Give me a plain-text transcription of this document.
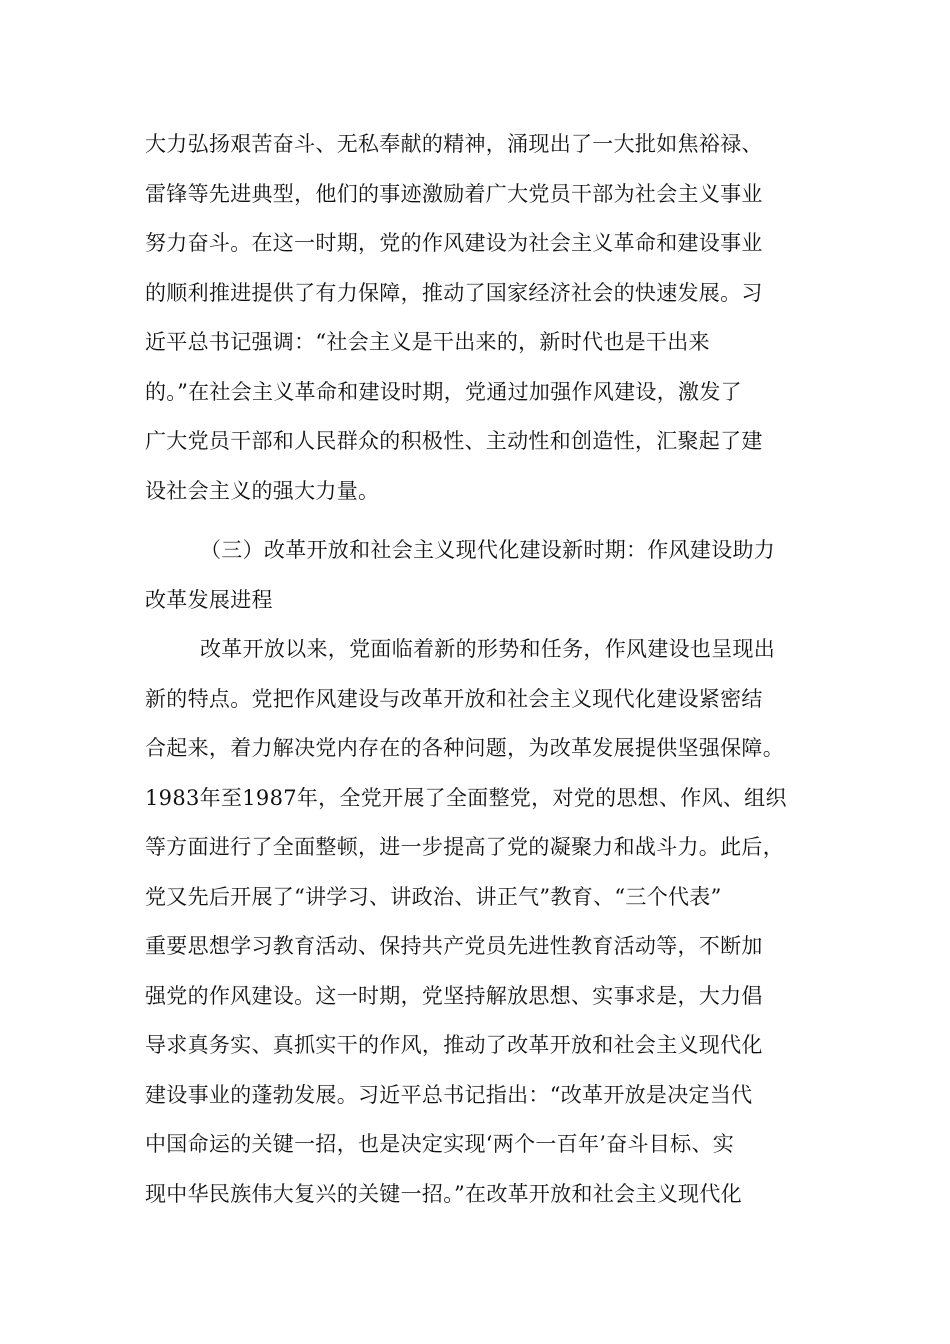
大力弘扬艰苦奋斗、无私奉献的精神，涌现出了一大批如焦裕禄、
雷锋等先进典型，他们的事迹激励着广大党员干部为社会主义事业
努力奋斗。在这一时期，党的作风建设为社会主义革命和建设事业
的顺利推进提供了有力保障，推动了国家经济社会的快速发展。习
近平总书记强调：“社会主义是干出来的，新时代也是干出来
的。”在社会主义革命和建设时期，党通过加强作风建设，激发了
广大党员干部和人民群众的积极性、主动性和创造性，汇聚起了建
设社会主义的强大力量。
（三）改革开放和社会主义现代化建设新时期：作风建设助力
改革发展进程
改革开放以来，党面临着新的形势和任务，作风建设也呈现出
新的特点。党把作风建设与改革开放和社会主义现代化建设紧密结
合起来，着力解决党内存在的各种问题，为改革发展提供坚强保障。
1983年至1987年，全党开展了全面整党，对党的思想、作风、组织
等方面进行了全面整顿，进一步提高了党的凝聚力和战斗力。此后，
党又先后开展了“讲学习、讲政治、讲正气”教育、“三个代表”
重要思想学习教育活动、保持共产党员先进性教育活动等，不断加
强党的作风建设。这一时期，党坚持解放思想、实事求是，大力倡
导求真务实、真抓实干的作风，推动了改革开放和社会主义现代化
建设事业的蓬勃发展。习近平总书记指出：“改革开放是决定当代
中国命运的关键一招，也是决定实现‘两个一百年’奋斗目标、实
现中华民族伟大复兴的关键一招。”在改革开放和社会主义现代化
